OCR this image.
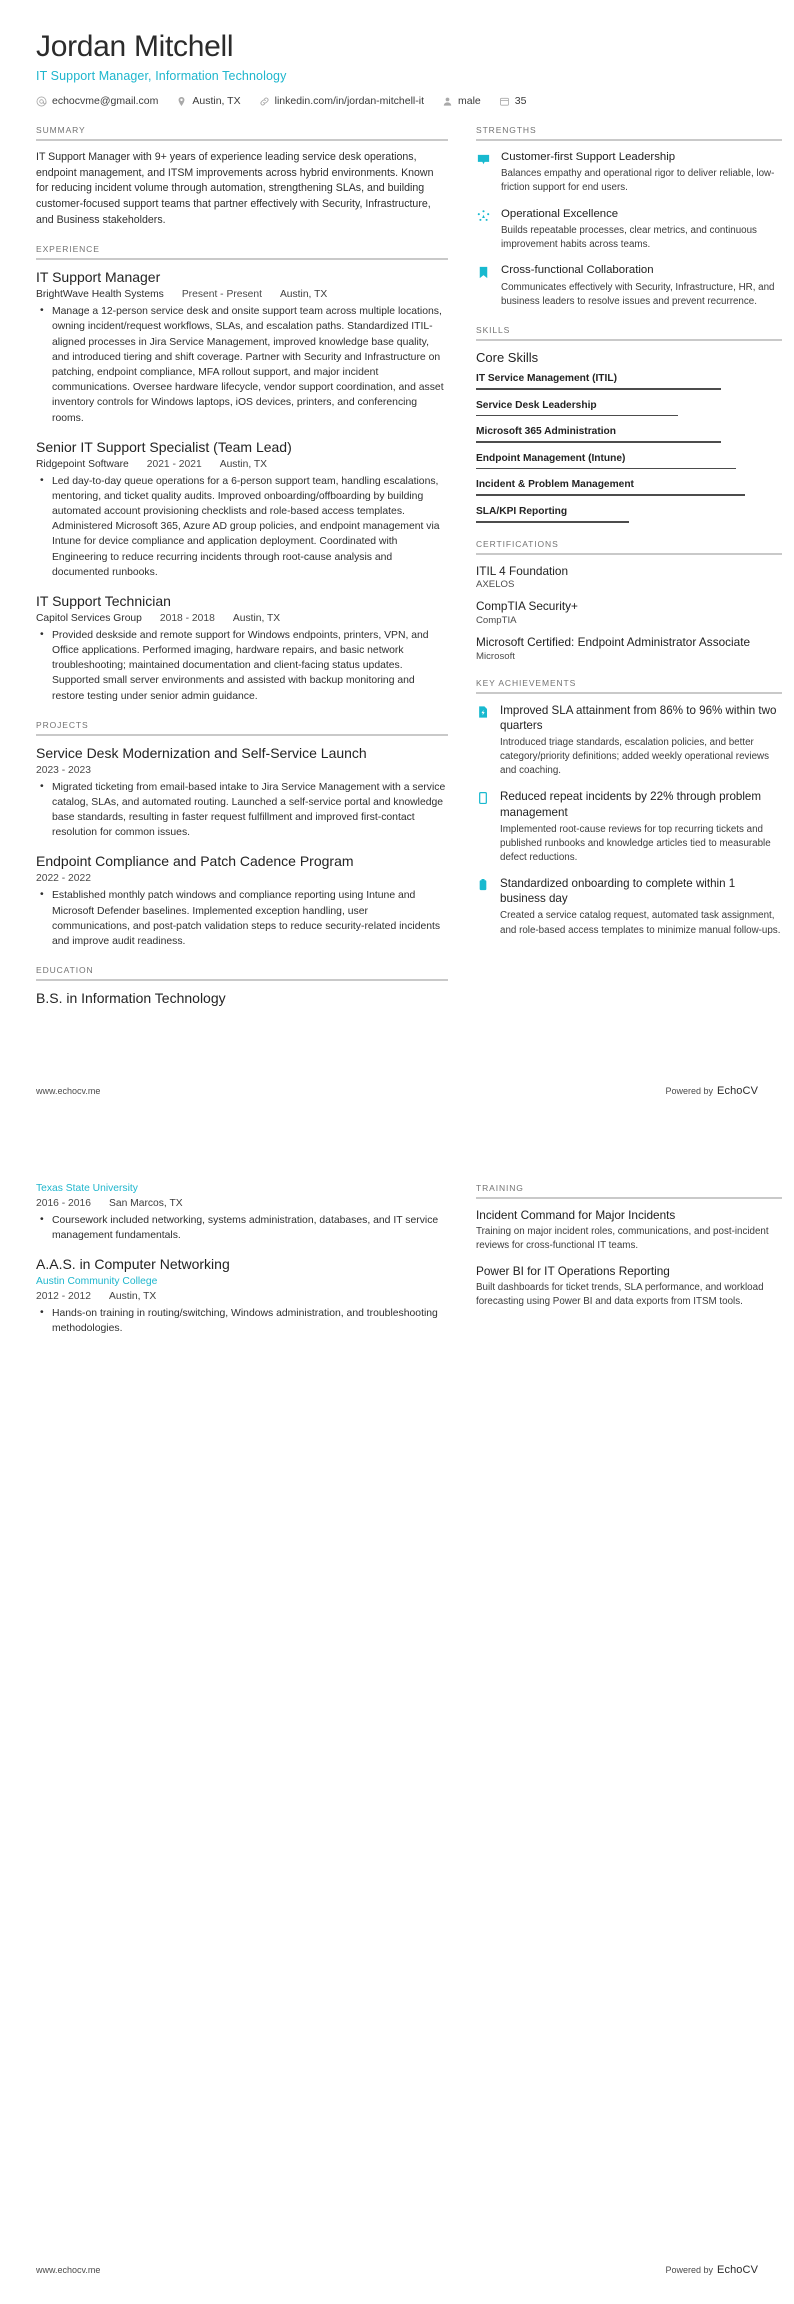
Jordan Mitchell
IT Support Manager, Information Technology
echocvme@gmail.com	Austin, TX	linkedin.com/in/jordan-mitchell-it	male	35
SUMMARY
IT Support Manager with 9+ years of experience leading service desk operations, endpoint management, and ITSM improvements across hybrid environments. Known for reducing incident volume through automation, strengthening SLAs, and building customer-focused support teams that partner effectively with Security, Infrastructure, and Business stakeholders.
EXPERIENCE
IT Support Manager
BrightWave Health Systems Present - Present Austin, TX
• Manage a 12-person service desk and onsite support team across multiple locations, owning incident/request workflows, SLAs, and escalation paths. Standardized ITIL-aligned processes in Jira Service Management, improved knowledge base quality, and introduced tiering and shift coverage. Partner with Security and Infrastructure on patching, endpoint compliance, MFA rollout support, and major incident communications. Oversee hardware lifecycle, vendor support coordination, and asset inventory controls for Windows laptops, iOS devices, printers, and conferencing rooms.
Senior IT Support Specialist (Team Lead)
Ridgepoint Software 2021 - 2021 Austin, TX
• Led day-to-day queue operations for a 6-person support team, handling escalations, mentoring, and ticket quality audits. Improved onboarding/offboarding by building automated account provisioning checklists and role-based access templates. Administered Microsoft 365, Azure AD group policies, and endpoint management via Intune for device compliance and application deployment. Coordinated with Engineering to reduce recurring incidents through root-cause analysis and documented runbooks.
IT Support Technician
Capitol Services Group 2018 - 2018 Austin, TX
• Provided deskside and remote support for Windows endpoints, printers, VPN, and Office applications. Performed imaging, hardware repairs, and basic network troubleshooting; maintained documentation and client-facing status updates. Supported small server environments and assisted with backup monitoring and restore testing under senior admin guidance.
PROJECTS
Service Desk Modernization and Self-Service Launch
2023 - 2023
• Migrated ticketing from email-based intake to Jira Service Management with a service catalog, SLAs, and automated routing. Launched a self-service portal and knowledge base standards, resulting in faster request fulfillment and improved first-contact resolution for common issues.
Endpoint Compliance and Patch Cadence Program
2022 - 2022
• Established monthly patch windows and compliance reporting using Intune and Microsoft Defender baselines. Implemented exception handling, user communications, and post-patch validation steps to reduce security-related incidents and improve audit readiness.
EDUCATION
B.S. in Information Technology
STRENGTHS
Customer-first Support Leadership
Balances empathy and operational rigor to deliver reliable, low-friction support for end users.
Operational Excellence
Builds repeatable processes, clear metrics, and continuous improvement habits across teams.
Cross-functional Collaboration
Communicates effectively with Security, Infrastructure, HR, and business leaders to resolve issues and prevent recurrence.
SKILLS
Core Skills
IT Service Management (ITIL)
Service Desk Leadership
Microsoft 365 Administration
Endpoint Management (Intune)
Incident & Problem Management
SLA/KPI Reporting
CERTIFICATIONS
ITIL 4 Foundation
AXELOS
CompTIA Security+
CompTIA
Microsoft Certified: Endpoint Administrator Associate
Microsoft
KEY ACHIEVEMENTS
Improved SLA attainment from 86% to 96% within two quarters
Introduced triage standards, escalation policies, and better category/priority definitions; added weekly operational reviews and coaching.
Reduced repeat incidents by 22% through problem management
Implemented root-cause reviews for top recurring tickets and published runbooks and knowledge articles tied to measurable defect reductions.
Standardized onboarding to complete within 1 business day
Created a service catalog request, automated task assignment, and role-based access templates to minimize manual follow-ups.
www.echocv.me	Powered by EchoCV
Texas State University
2016 - 2016 San Marcos, TX
• Coursework included networking, systems administration, databases, and IT service management fundamentals.
A.A.S. in Computer Networking
Austin Community College
2012 - 2012 Austin, TX
• Hands-on training in routing/switching, Windows administration, and troubleshooting methodologies.
TRAINING
Incident Command for Major Incidents
Training on major incident roles, communications, and post-incident reviews for cross-functional IT teams.
Power BI for IT Operations Reporting
Built dashboards for ticket trends, SLA performance, and workload forecasting using Power BI and data exports from ITSM tools.
www.echocv.me	Powered by EchoCV
